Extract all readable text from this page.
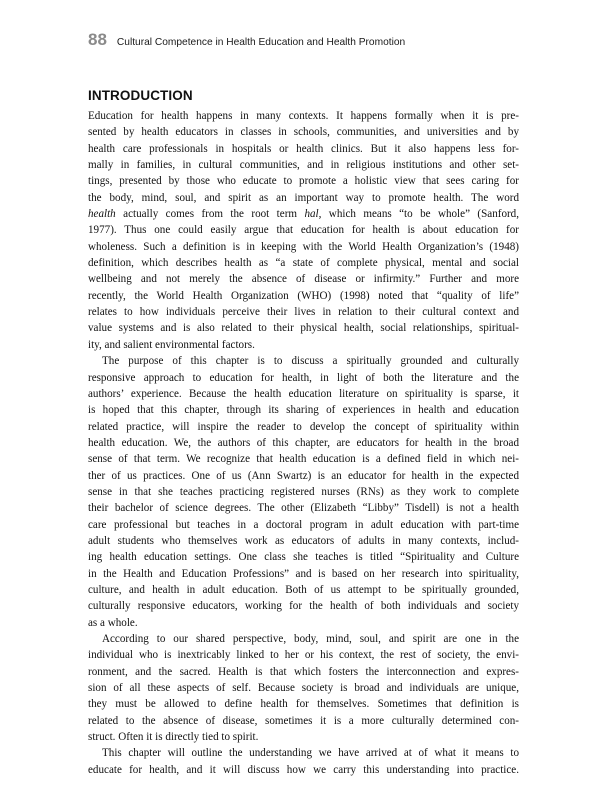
88 Cultural Competence in Health Education and Health Promotion
INTRODUCTION
Education for health happens in many contexts. It happens formally when it is pre-
sented by health educators in classes in schools, communities, and universities and by
health care professionals in hospitals or health clinics. But it also happens less for-
mally in families, in cultural communities, and in religious institutions and other set-
tings, presented by those who educate to promote a holistic view that sees caring for
the body, mind, soul, and spirit as an important way to promote health. The word
health actually comes from the root term hal, which means “to be whole” (Sanford,
1977). Thus one could easily argue that education for health is about education for
wholeness. Such a definition is in keeping with the World Health Organization’s (1948)
definition, which describes health as “a state of complete physical, mental and social
wellbeing and not merely the absence of disease or infirmity.” Further and more
recently, the World Health Organization (WHO) (1998) noted that “quality of life”
relates to how individuals perceive their lives in relation to their cultural context and
value systems and is also related to their physical health, social relationships, spiritual-
ity, and salient environmental factors.
The purpose of this chapter is to discuss a spiritually grounded and culturally
responsive approach to education for health, in light of both the literature and the
authors’ experience. Because the health education literature on spirituality is sparse, it
is hoped that this chapter, through its sharing of experiences in health and education
related practice, will inspire the reader to develop the concept of spirituality within
health education. We, the authors of this chapter, are educators for health in the broad
sense of that term. We recognize that health education is a defined field in which nei-
ther of us practices. One of us (Ann Swartz) is an educator for health in the expected
sense in that she teaches practicing registered nurses (RNs) as they work to complete
their bachelor of science degrees. The other (Elizabeth “Libby” Tisdell) is not a health
care professional but teaches in a doctoral program in adult education with part-time
adult students who themselves work as educators of adults in many contexts, includ-
ing health education settings. One class she teaches is titled “Spirituality and Culture
in the Health and Education Professions” and is based on her research into spirituality,
culture, and health in adult education. Both of us attempt to be spiritually grounded,
culturally responsive educators, working for the health of both individuals and society
as a whole.
According to our shared perspective, body, mind, soul, and spirit are one in the
individual who is inextricably linked to her or his context, the rest of society, the envi-
ronment, and the sacred. Health is that which fosters the interconnection and expres-
sion of all these aspects of self. Because society is broad and individuals are unique,
they must be allowed to define health for themselves. Sometimes that definition is
related to the absence of disease, sometimes it is a more culturally determined con-
struct. Often it is directly tied to spirit.
This chapter will outline the understanding we have arrived at of what it means to
educate for health, and it will discuss how we carry this understanding into practice.
